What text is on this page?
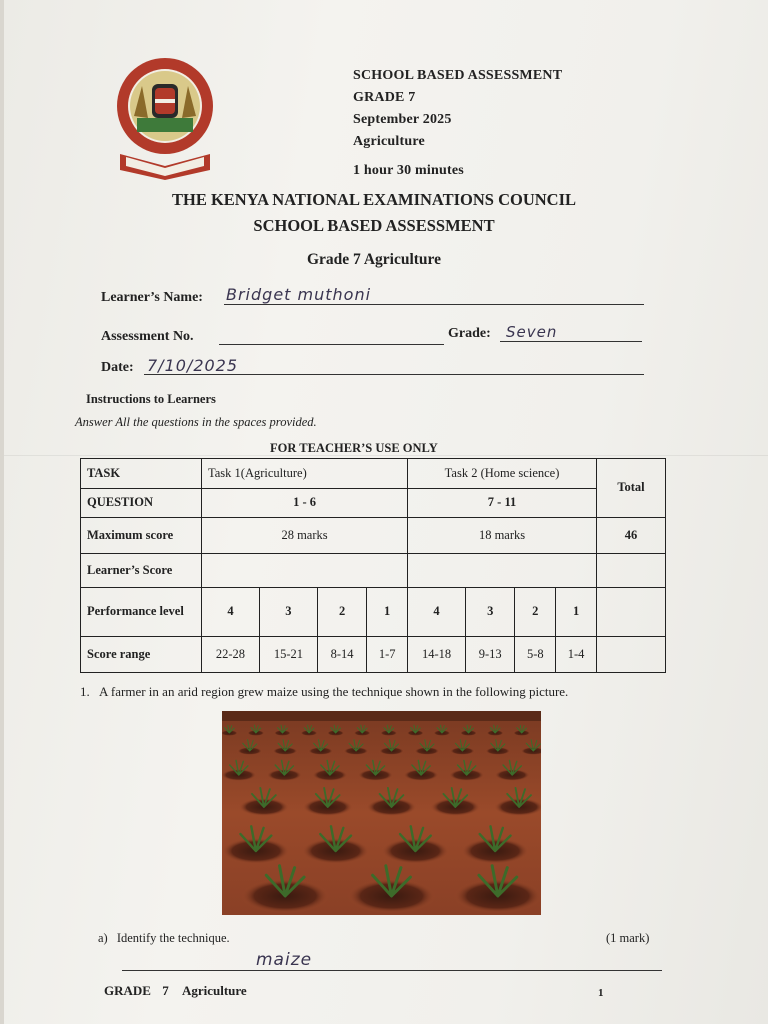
SCHOOL BASED ASSESSMENT
GRADE 7
September 2025
Agriculture
1 hour 30 minutes
THE KENYA NATIONAL EXAMINATIONS COUNCIL
SCHOOL BASED ASSESSMENT
Grade 7 Agriculture
Learner’s Name: Bridget muthoni
Assessment No.	Grade: Seven
Date: 7/10/2025
Instructions to Learners
Answer All the questions in the spaces provided.
FOR TEACHER’S USE ONLY
TASK	Task 1(Agriculture)				Task 2 (Home science)				Total
QUESTION	1 - 6				7 - 11				
Maximum score	28 marks				18 marks				46
Learner’s Score									
Performance level	4	3	2	1	4	3	2	1	
Score range	22-28	15-21	8-14	1-7	14-18	9-13	5-8	1-4	
1. A farmer in an arid region grew maize using the technique shown in the following picture.
a) Identify the technique.	(1 mark)
maize
GRADE 7 Agriculture	1
